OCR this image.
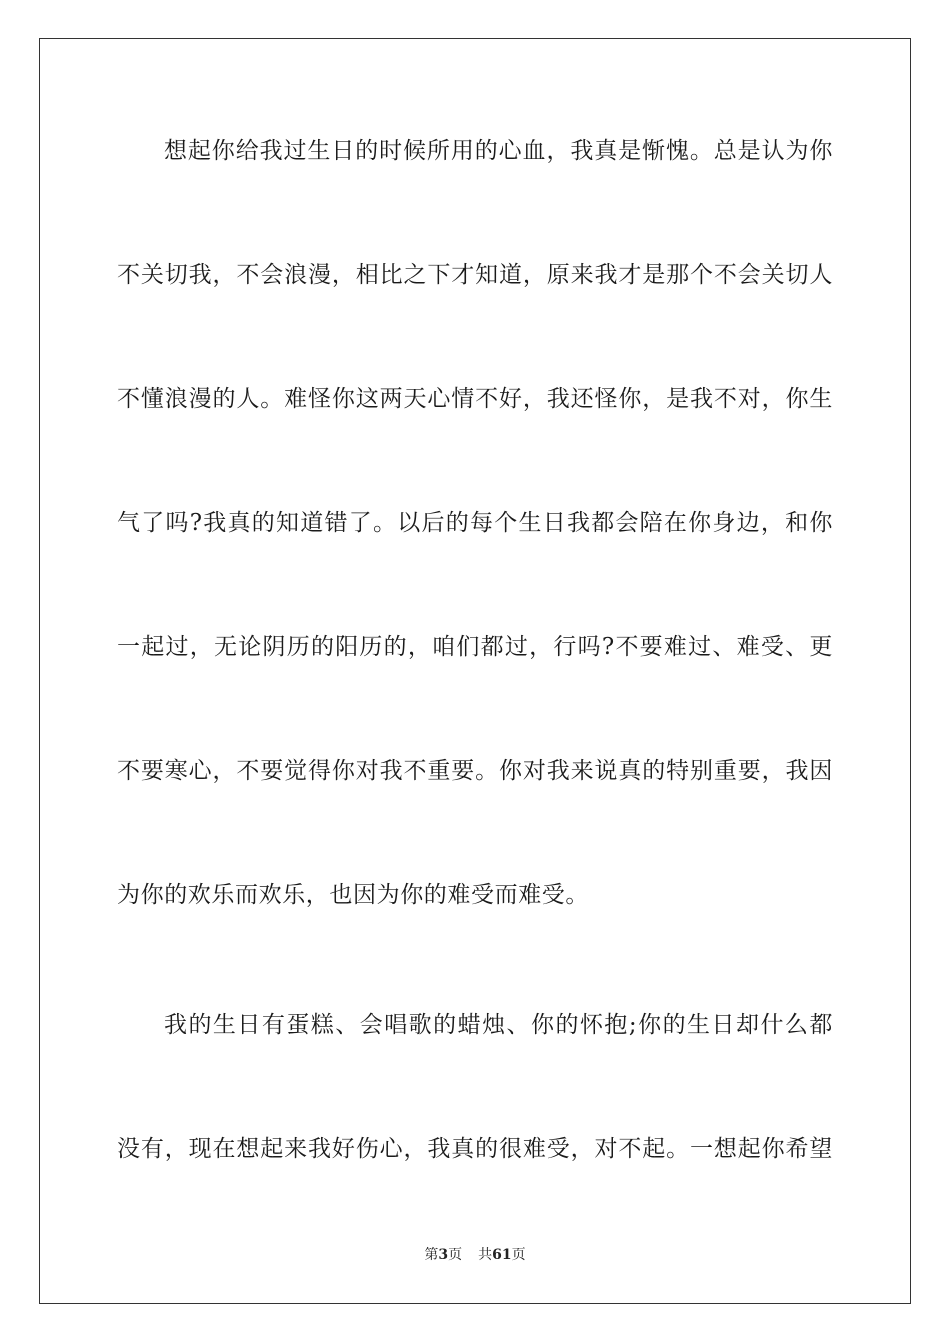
想起你给我过生日的时候所用的心血，我真是惭愧。总是认为你
不关切我，不会浪漫，相比之下才知道，原来我才是那个不会关切人
不懂浪漫的人。难怪你这两天心情不好，我还怪你，是我不对，你生
气了吗?我真的知道错了。以后的每个生日我都会陪在你身边，和你
一起过，无论阴历的阳历的，咱们都过，行吗?不要难过、难受、更
不要寒心，不要觉得你对我不重要。你对我来说真的特别重要，我因
为你的欢乐而欢乐，也因为你的难受而难受。
我的生日有蛋糕、会唱歌的蜡烛、你的怀抱;你的生日却什么都
没有，现在想起来我好伤心，我真的很难受，对不起。一想起你希望
第3页 共61页
